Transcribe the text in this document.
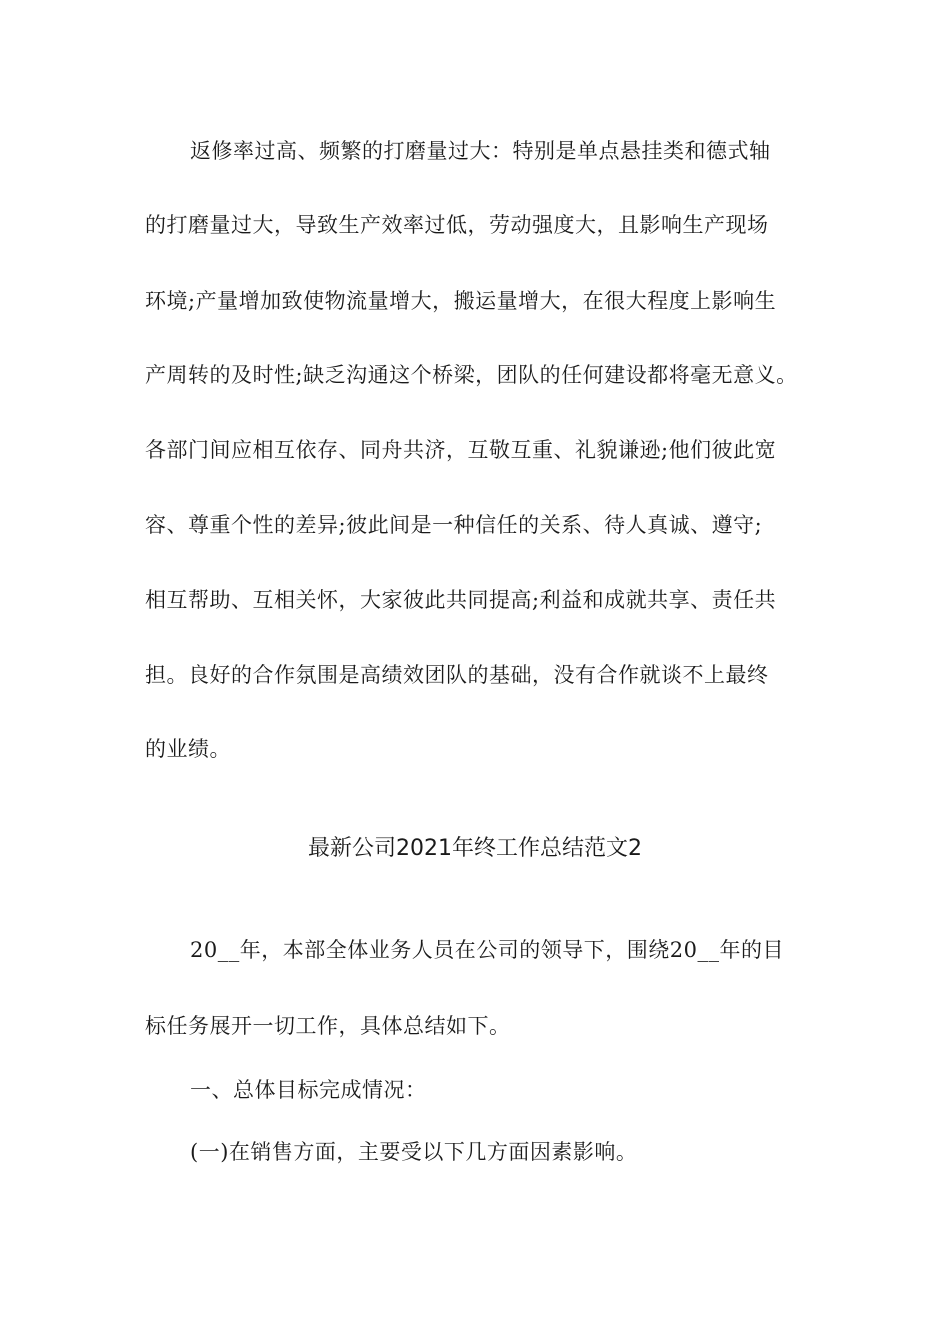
返修率过高、频繁的打磨量过大：特别是单点悬挂类和德式轴
的打磨量过大，导致生产效率过低，劳动强度大，且影响生产现场
环境;产量增加致使物流量增大，搬运量增大，在很大程度上影响生
产周转的及时性;缺乏沟通这个桥梁，团队的任何建设都将毫无意义。
各部门间应相互依存、同舟共济，互敬互重、礼貌谦逊;他们彼此宽
容、尊重个性的差异;彼此间是一种信任的关系、待人真诚、遵守;
相互帮助、互相关怀，大家彼此共同提高;利益和成就共享、责任共
担。良好的合作氛围是高绩效团队的基础，没有合作就谈不上最终
的业绩。
最新公司2021年终工作总结范文2
20__年，本部全体业务人员在公司的领导下，围绕20__年的目
标任务展开一切工作，具体总结如下。
一、总体目标完成情况：
(一)在销售方面，主要受以下几方面因素影响。
